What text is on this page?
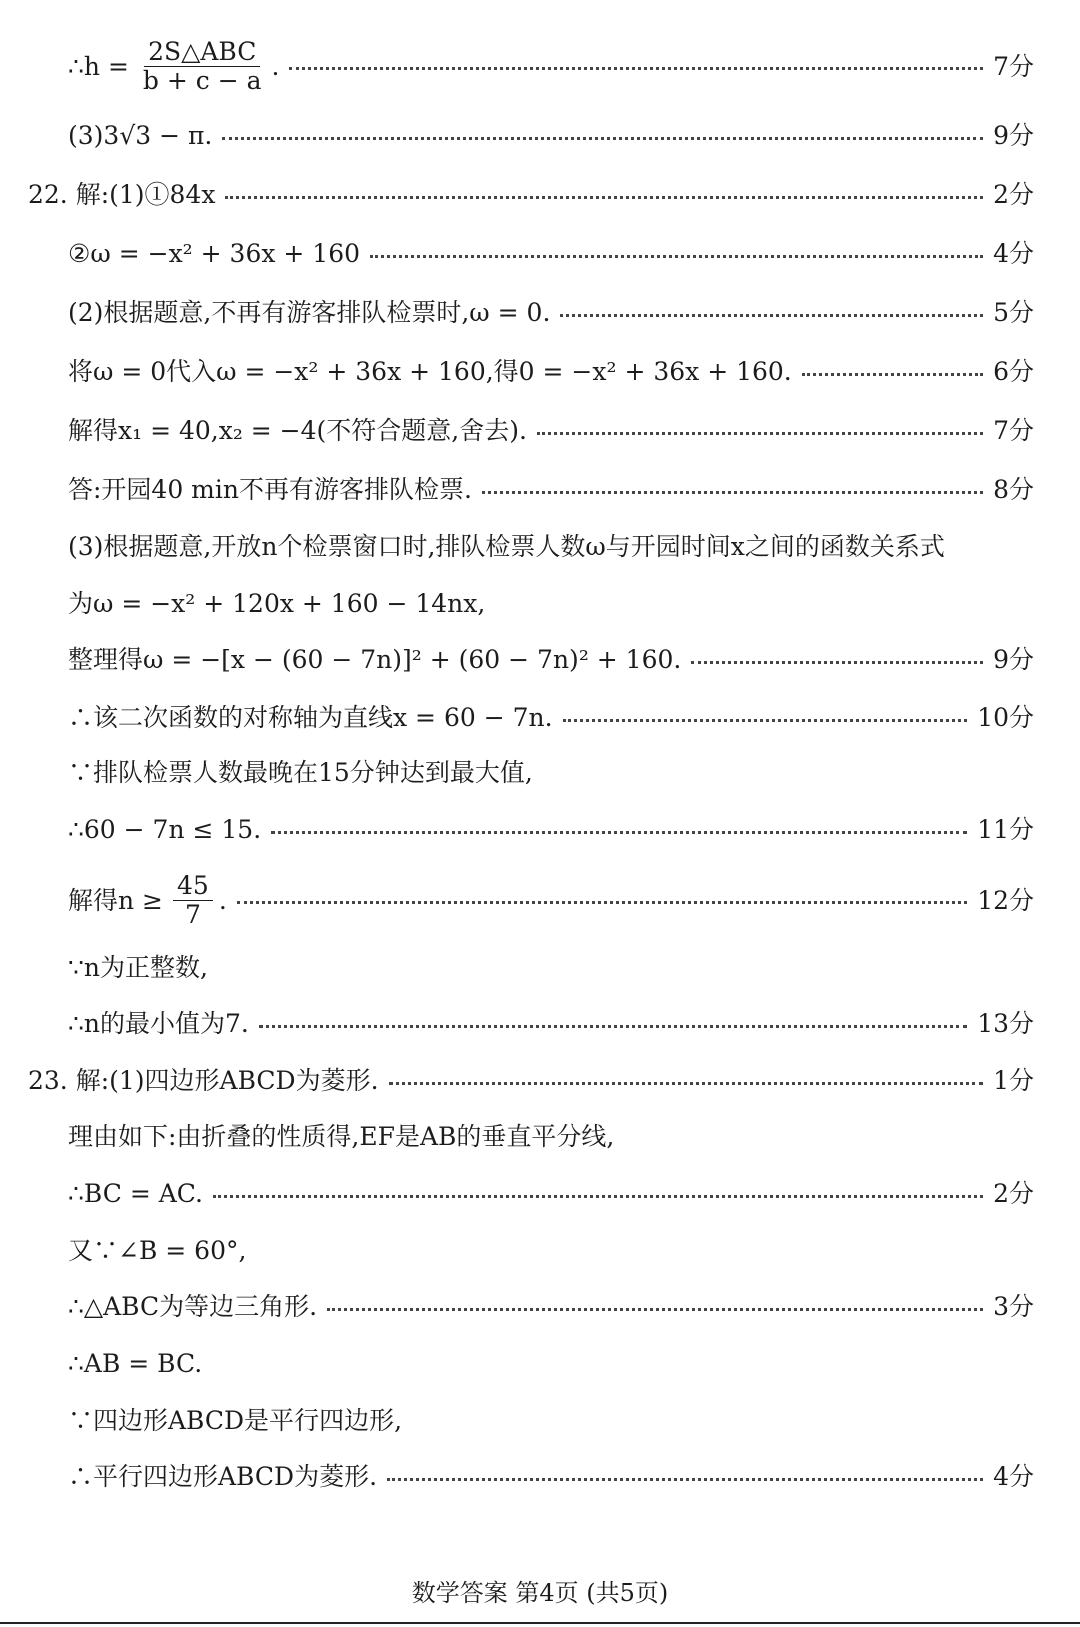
∴h = $\frac{\text{2S△ABC}}{b + c - a}$ .	7分
(3)3√3 − π.	9分
22. 解:(1)①84x	2分
②ω = −x² + 36x + 160	4分
(2)根据题意,不再有游客排队检票时,ω = 0.	5分
将ω = 0代入ω = −x² + 36x + 160,得0 = −x² + 36x + 160.	6分
解得x₁ = 40,x₂ = −4(不符合题意,舍去).	7分
答:开园40 min不再有游客排队检票.	8分
(3)根据题意,开放n个检票窗口时,排队检票人数ω与开园时间x之间的函数关系式
为ω = −x² + 120x + 160 − 14nx,
整理得ω = −[x − (60 − 7n)]² + (60 − 7n)² + 160.	9分
∴该二次函数的对称轴为直线x = 60 − 7n.	10分
∵排队检票人数最晚在15分钟达到最大值,
∴60 − 7n ≤ 15.	11分
解得$n \ge \frac{45}{7}$ .	12分
∵n为正整数,
∴n的最小值为7.	13分
23. 解:(1)四边形ABCD为菱形.	1分
理由如下:由折叠的性质得,EF是AB的垂直平分线,
∴BC = AC.	2分
又∵∠B = 60°,
∴△ABC为等边三角形.	3分
∴AB = BC.
∵四边形ABCD是平行四边形,
∴平行四边形ABCD为菱形.	4分
数学答案 第4页 (共5页)
